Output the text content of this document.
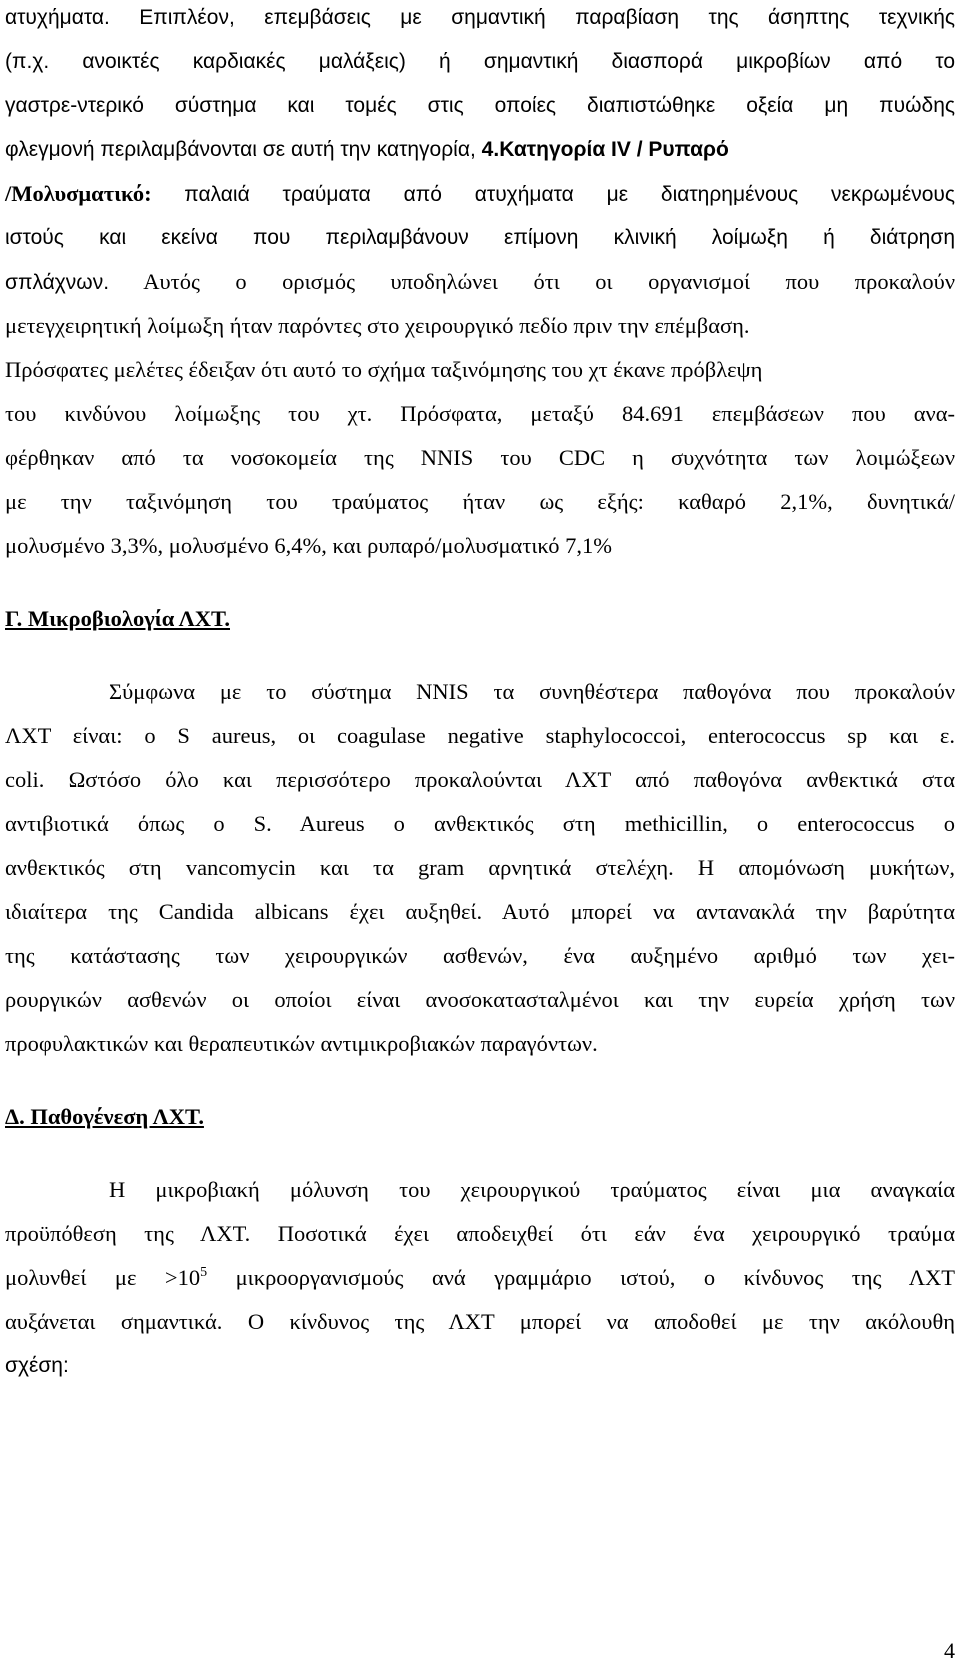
ατυχήματα. Επιπλέον, επεμβάσεις με σημαντική παραβίαση της άσηπτης τεχνικής
(π.χ. ανοικτές καρδιακές μαλάξεις) ή σημαντική διασπορά μικροβίων από το
γαστρε-ντερικό σύστημα και τομές στις οποίες διαπιστώθηκε οξεία μη πυώδης
φλεγμονή περιλαμβάνονται σε αυτή την κατηγορία, 4.Κατηγορία IV / Ρυπαρό
/Μολυσματικό: παλαιά τραύματα από ατυχήματα με διατηρημένους νεκρωμένους
ιστούς και εκείνα που περιλαμβάνουν επίμονη κλινική λοίμωξη ή διάτρηση
σπλάχνων. Αυτός ο ορισμός υποδηλώνει ότι οι οργανισμοί που προκαλούν
μετεγχειρητική λοίμωξη ήταν παρόντες στο χειρουργικό πεδίο πριν την επέμβαση.
Πρόσφατες μελέτες έδειξαν ότι αυτό το σχήμα ταξινόμησης του χτ έκανε πρόβλεψη
του κινδύνου λοίμωξης του χτ. Πρόσφατα, μεταξύ 84.691 επεμβάσεων που ανα-
φέρθηκαν από τα νοσοκομεία της NNIS του CDC η συχνότητα των λοιμώξεων
με την ταξινόμηση του τραύματος ήταν ως εξής: καθαρό 2,1%, δυνητικά/
μολυσμένο 3,3%, μολυσμένο 6,4%, και ρυπαρό/μολυσματικό 7,1%
Γ. Μικροβιολογία ΛΧΤ.
Σύμφωνα με το σύστημα NNIS τα συνηθέστερα παθογόνα που προκαλούν
ΛΧΤ είναι: ο S aureus, οι coagulase negative staphylococcoi, enterococcus sp και ε.
coli. Ωστόσο όλο και περισσότερο προκαλούνται ΛΧΤ από παθογόνα ανθεκτικά στα
αντιβιοτικά όπως ο S. Aureus ο ανθεκτικός στη methicillin, ο enterococcus ο
ανθεκτικός στη vancomycin και τα gram αρνητικά στελέχη. Η απομόνωση μυκήτων,
ιδιαίτερα της Candida albicans έχει αυξηθεί. Αυτό μπορεί να αντανακλά την βαρύτητα
της κατάστασης των χειρουργικών ασθενών, ένα αυξημένο αριθμό των χει-
ρουργικών ασθενών οι οποίοι είναι ανοσοκατασταλμένοι και την ευρεία χρήση των
προφυλακτικών και θεραπευτικών αντιμικροβιακών παραγόντων.
Δ. Παθογένεση ΛΧΤ.
Η μικροβιακή μόλυνση του χειρουργικού τραύματος είναι μια αναγκαία
προϋπόθεση της ΛΧΤ. Ποσοτικά έχει αποδειχθεί ότι εάν ένα χειρουργικό τραύμα
μολυνθεί $\mu\varepsilon >10^5$ μικροοργανισμούς ανά γραμμάριο ιστού, ο κίνδυνος της ΛΧΤ
αυξάνεται σημαντικά. Ο κίνδυνος της ΛΧΤ μπορεί να αποδοθεί με την ακόλουθη
σχέση:
4
